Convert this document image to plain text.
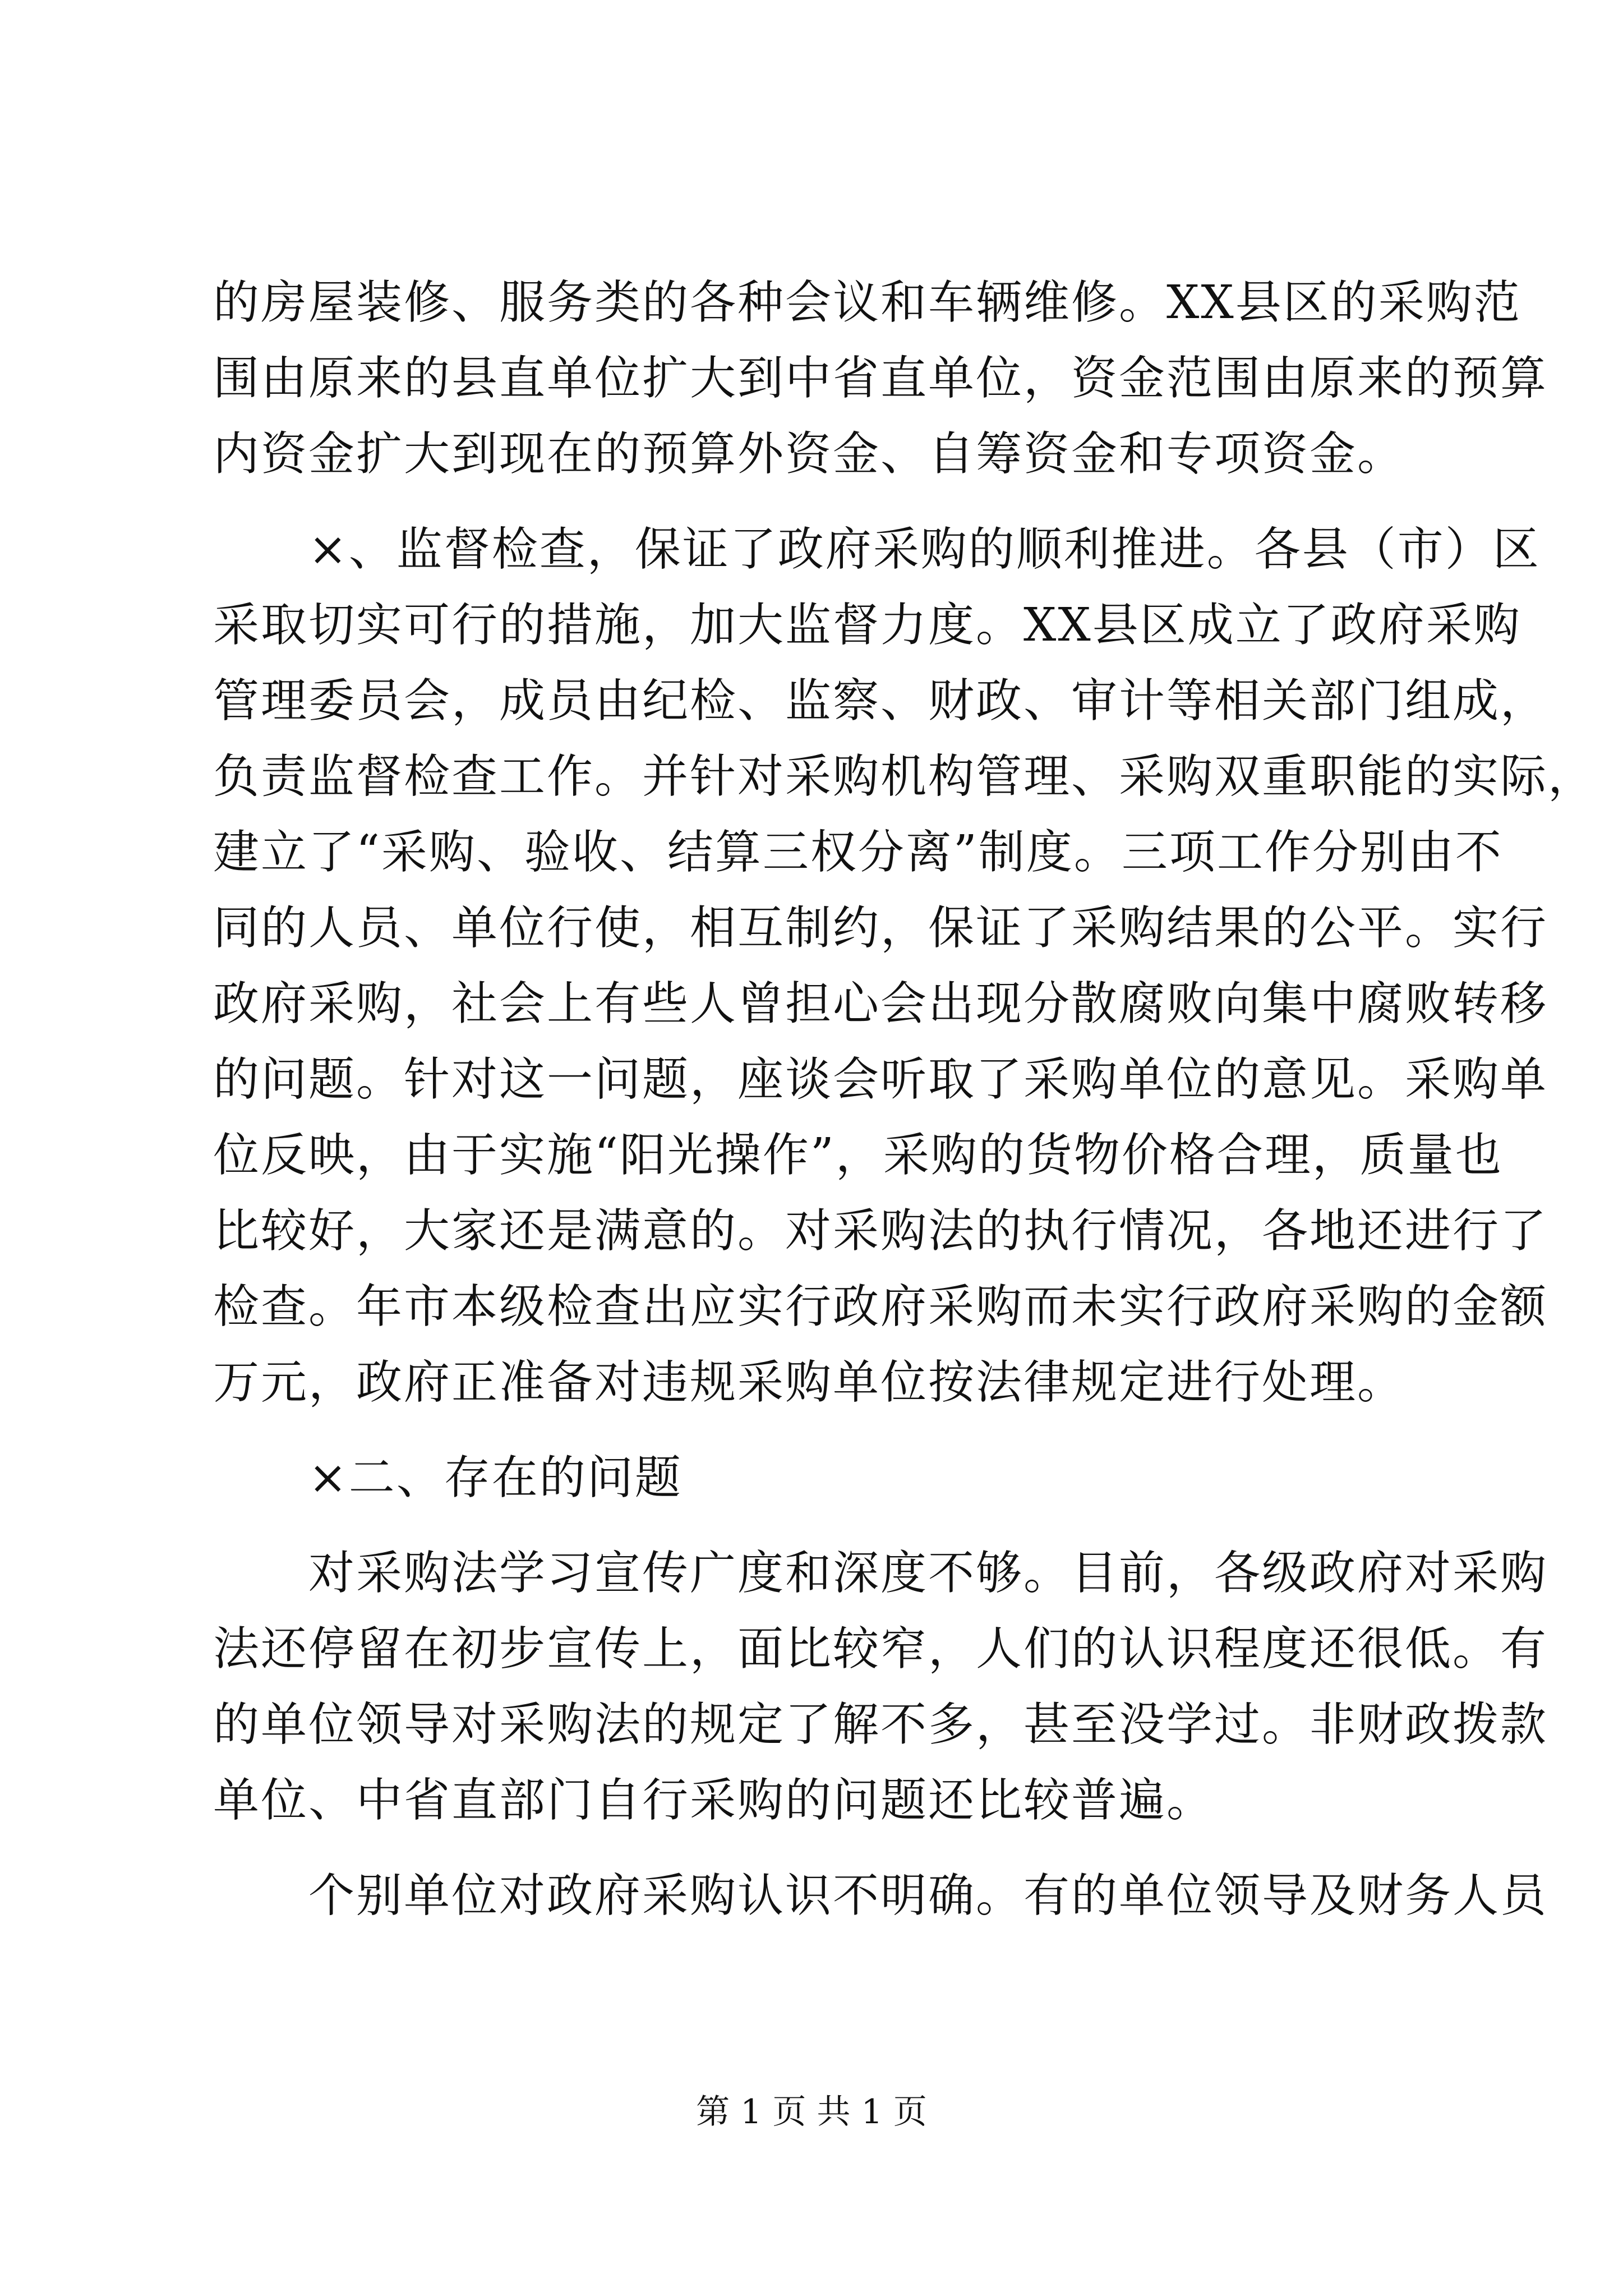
的房屋装修、服务类的各种会议和车辆维修。XX县区的采购范
围由原来的县直单位扩大到中省直单位，资金范围由原来的预算
内资金扩大到现在的预算外资金、自筹资金和专项资金。
　　×、监督检查，保证了政府采购的顺利推进。各县（市）区
采取切实可行的措施，加大监督力度。XX县区成立了政府采购
管理委员会，成员由纪检、监察、财政、审计等相关部门组成，
负责监督检查工作。并针对采购机构管理、采购双重职能的实际，
建立了“采购、验收、结算三权分离”制度。三项工作分别由不
同的人员、单位行使，相互制约，保证了采购结果的公平。实行
政府采购，社会上有些人曾担心会出现分散腐败向集中腐败转移
的问题。针对这一问题，座谈会听取了采购单位的意见。采购单
位反映，由于实施“阳光操作”，采购的货物价格合理，质量也
比较好，大家还是满意的。对采购法的执行情况，各地还进行了
检查。年市本级检查出应实行政府采购而未实行政府采购的金额
万元，政府正准备对违规采购单位按法律规定进行处理。
　　×二、存在的问题
　　对采购法学习宣传广度和深度不够。目前，各级政府对采购
法还停留在初步宣传上，面比较窄，人们的认识程度还很低。有
的单位领导对采购法的规定了解不多，甚至没学过。非财政拨款
单位、中省直部门自行采购的问题还比较普遍。
　　个别单位对政府采购认识不明确。有的单位领导及财务人员
第 1 页 共 1 页
